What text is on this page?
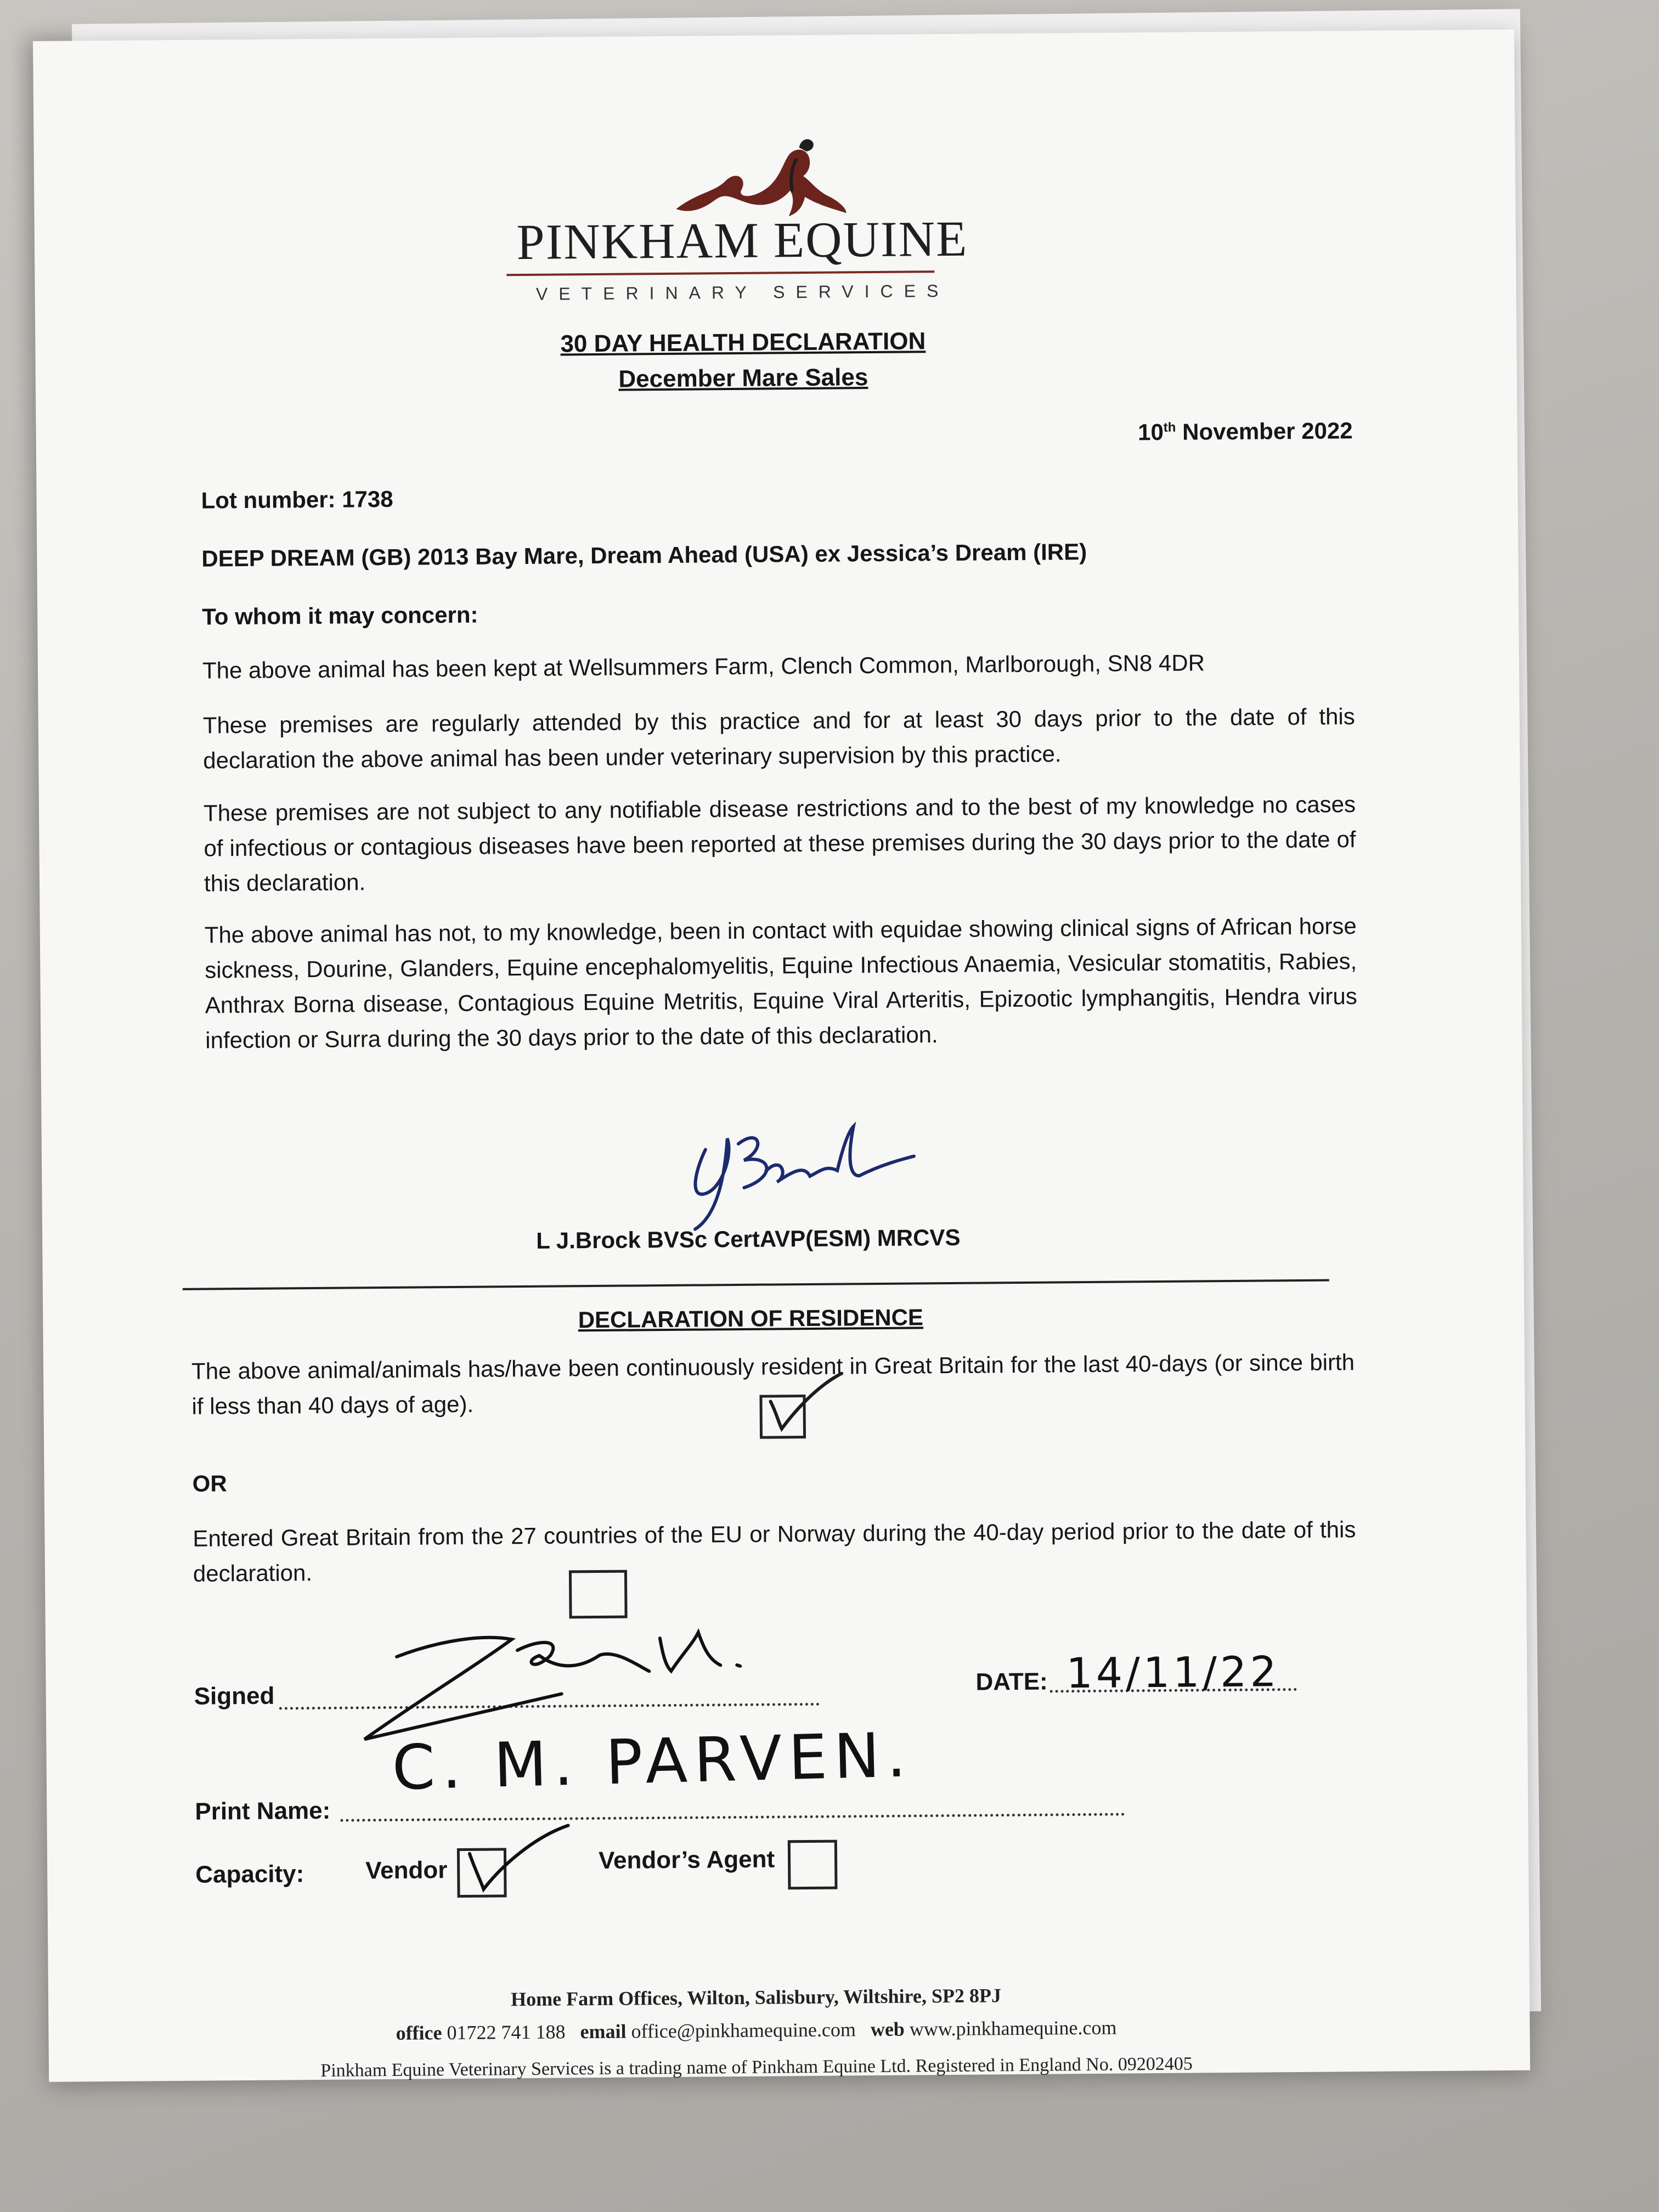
PINKHAM EQUINE
VETERINARY SERVICES
30 DAY HEALTH DECLARATION
December Mare Sales
10th November 2022
Lot number: 1738
DEEP DREAM (GB) 2013 Bay Mare, Dream Ahead (USA) ex Jessica’s Dream (IRE)
To whom it may concern:
The above animal has been kept at Wellsummers Farm, Clench Common, Marlborough, SN8 4DR
These premises are regularly attended by this practice and for at least 30 days prior to the date of this declaration the above animal has been under veterinary supervision by this practice.
These premises are not subject to any notifiable disease restrictions and to the best of my knowledge no cases of infectious or contagious diseases have been reported at these premises during the 30 days prior to the date of this declaration.
The above animal has not, to my knowledge, been in contact with equidae showing clinical signs of African horse sickness, Dourine, Glanders, Equine encephalomyelitis, Equine Infectious Anaemia, Vesicular stomatitis, Rabies, Anthrax Borna disease, Contagious Equine Metritis, Equine Viral Arteritis, Epizootic lymphangitis, Hendra virus infection or Surra during the 30 days prior to the date of this declaration.
L J.Brock BVSc CertAVP(ESM) MRCVS
DECLARATION OF RESIDENCE
The above animal/animals has/have been continuously resident in Great Britain for the last 40-days (or since birth if less than 40 days of age).
OR
Entered Great Britain from the 27 countries of the EU or Norway during the 40-day period prior to the date of this declaration.
Signed
DATE: 14/11/22
Print Name:
C. M. PARVEN.
Capacity:	Vendor	Vendor’s Agent
Home Farm Offices, Wilton, Salisbury, Wiltshire, SP2 8PJ
office 01722 741 188 email office@pinkhamequine.com web www.pinkhamequine.com
Pinkham Equine Veterinary Services is a trading name of Pinkham Equine Ltd. Registered in England No. 09202405
